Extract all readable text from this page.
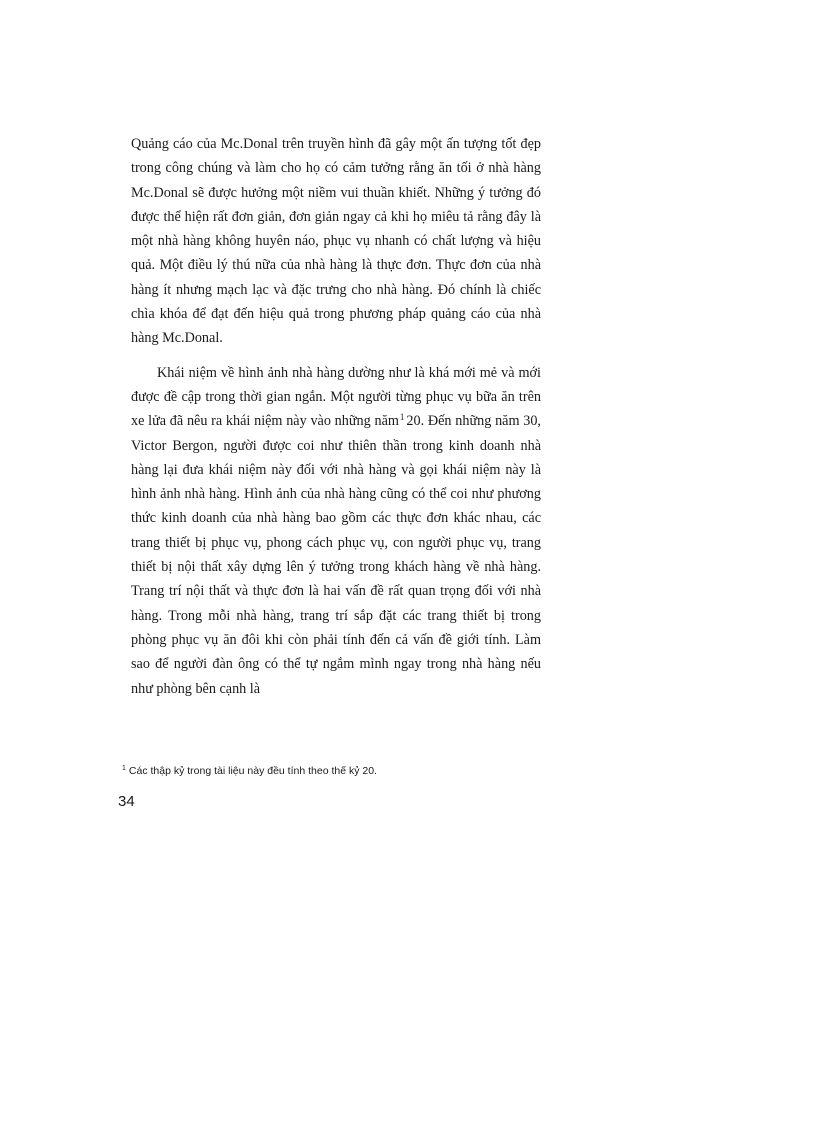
Quảng cáo của Mc.Donal trên truyền hình đã gây một ấn tượng tốt đẹp trong công chúng và làm cho họ có cảm tưởng rằng ăn tối ở nhà hàng Mc.Donal sẽ được hưởng một niềm vui thuần khiết. Những ý tưởng đó được thể hiện rất đơn giản, đơn giản ngay cả khi họ miêu tả rằng đây là một nhà hàng không huyên náo, phục vụ nhanh có chất lượng và hiệu quả. Một điều lý thú nữa của nhà hàng là thực đơn. Thực đơn của nhà hàng ít nhưng mạch lạc và đặc trưng cho nhà hàng. Đó chính là chiếc chìa khóa để đạt đến hiệu quả trong phương pháp quảng cáo của nhà hàng Mc.Donal.

Khái niệm về hình ảnh nhà hàng dường như là khá mới mẻ và mới được đề cập trong thời gian ngắn. Một người từng phục vụ bữa ăn trên xe lửa đã nêu ra khái niệm này vào những năm$^1$ 20. Đến những năm 30, Victor Bergon, người được coi như thiên thần trong kinh doanh nhà hàng lại đưa khái niệm này đối với nhà hàng và gọi khái niệm này là hình ảnh nhà hàng. Hình ảnh của nhà hàng cũng có thể coi như phương thức kinh doanh của nhà hàng bao gồm các thực đơn khác nhau, các trang thiết bị phục vụ, phong cách phục vụ, con người phục vụ, trang thiết bị nội thất xây dựng lên ý tưởng trong khách hàng về nhà hàng. Trang trí nội thất và thực đơn là hai vấn đề rất quan trọng đối với nhà hàng. Trong mỗi nhà hàng, trang trí sắp đặt các trang thiết bị trong phòng phục vụ ăn đôi khi còn phải tính đến cả vấn đề giới tính. Làm sao để người đàn ông có thể tự ngắm mình ngay trong nhà hàng nếu như phòng bên cạnh là

$^1$ Các thập kỷ trong tài liệu này đều tính theo thế kỷ 20.
34
